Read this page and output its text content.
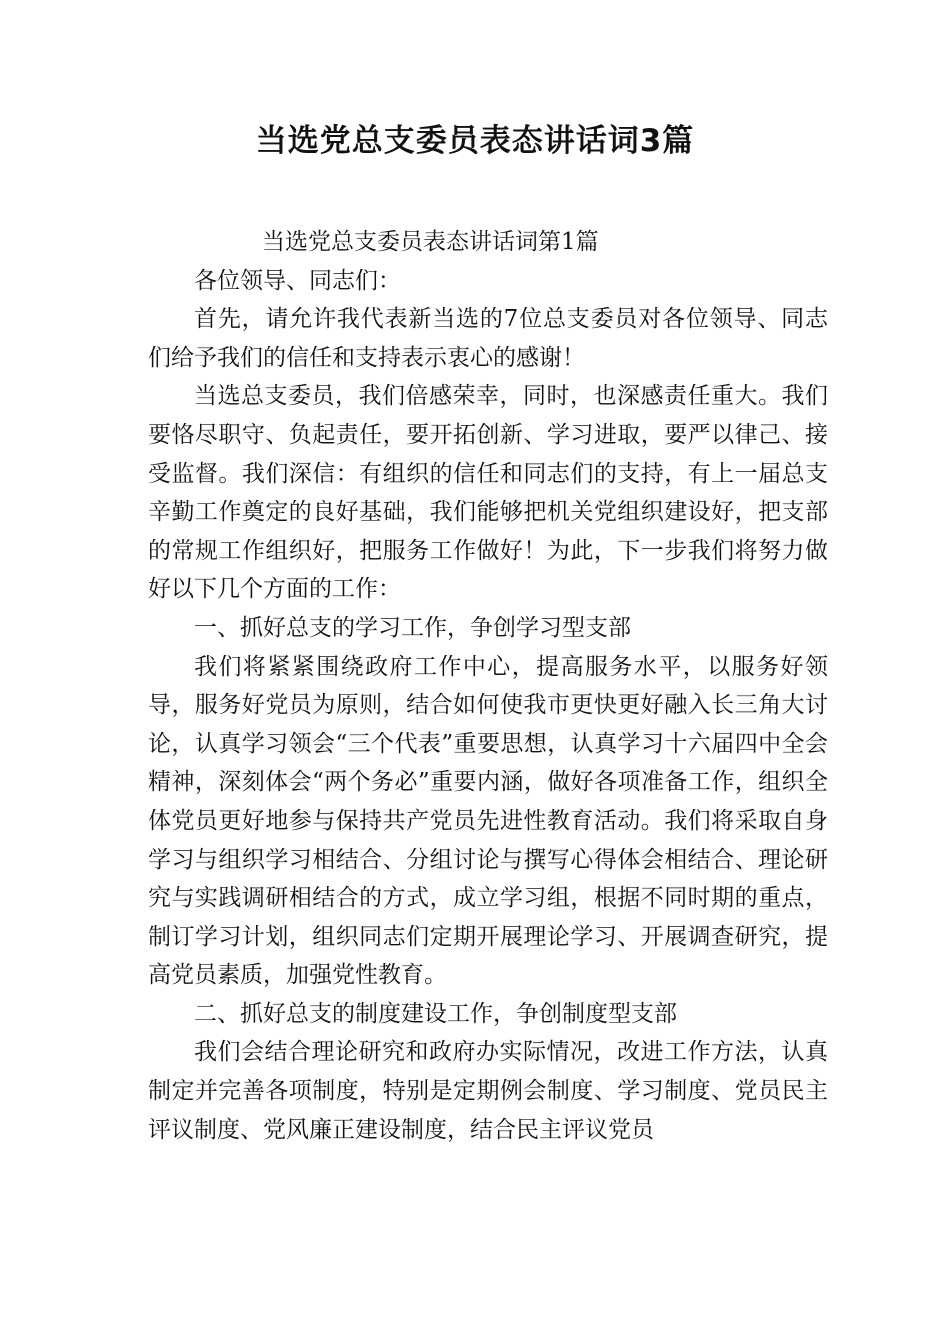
当选党总支委员表态讲话词3篇

当选党总支委员表态讲话词第1篇

各位领导、同志们：

首先，请允许我代表新当选的7位总支委员对各位领导、同志们给予我们的信任和支持表示衷心的感谢！

当选总支委员，我们倍感荣幸，同时，也深感责任重大。我们要恪尽职守、负起责任，要开拓创新、学习进取，要严以律己、接受监督。我们深信：有组织的信任和同志们的支持，有上一届总支辛勤工作奠定的良好基础，我们能够把机关党组织建设好，把支部的常规工作组织好，把服务工作做好！为此，下一步我们将努力做好以下几个方面的工作：

一、抓好总支的学习工作，争创学习型支部

我们将紧紧围绕政府工作中心，提高服务水平，以服务好领导，服务好党员为原则，结合如何使我市更快更好融入长三角大讨论，认真学习领会“三个代表”重要思想，认真学习十六届四中全会精神，深刻体会“两个务必”重要内涵，做好各项准备工作，组织全体党员更好地参与保持共产党员先进性教育活动。我们将采取自身学习与组织学习相结合、分组讨论与撰写心得体会相结合、理论研究与实践调研相结合的方式，成立学习组，根据不同时期的重点，制订学习计划，组织同志们定期开展理论学习、开展调查研究，提高党员素质，加强党性教育。

二、抓好总支的制度建设工作，争创制度型支部

我们会结合理论研究和政府办实际情况，改进工作方法，认真制定并完善各项制度，特别是定期例会制度、学习制度、党员民主评议制度、党风廉正建设制度，结合民主评议党员
